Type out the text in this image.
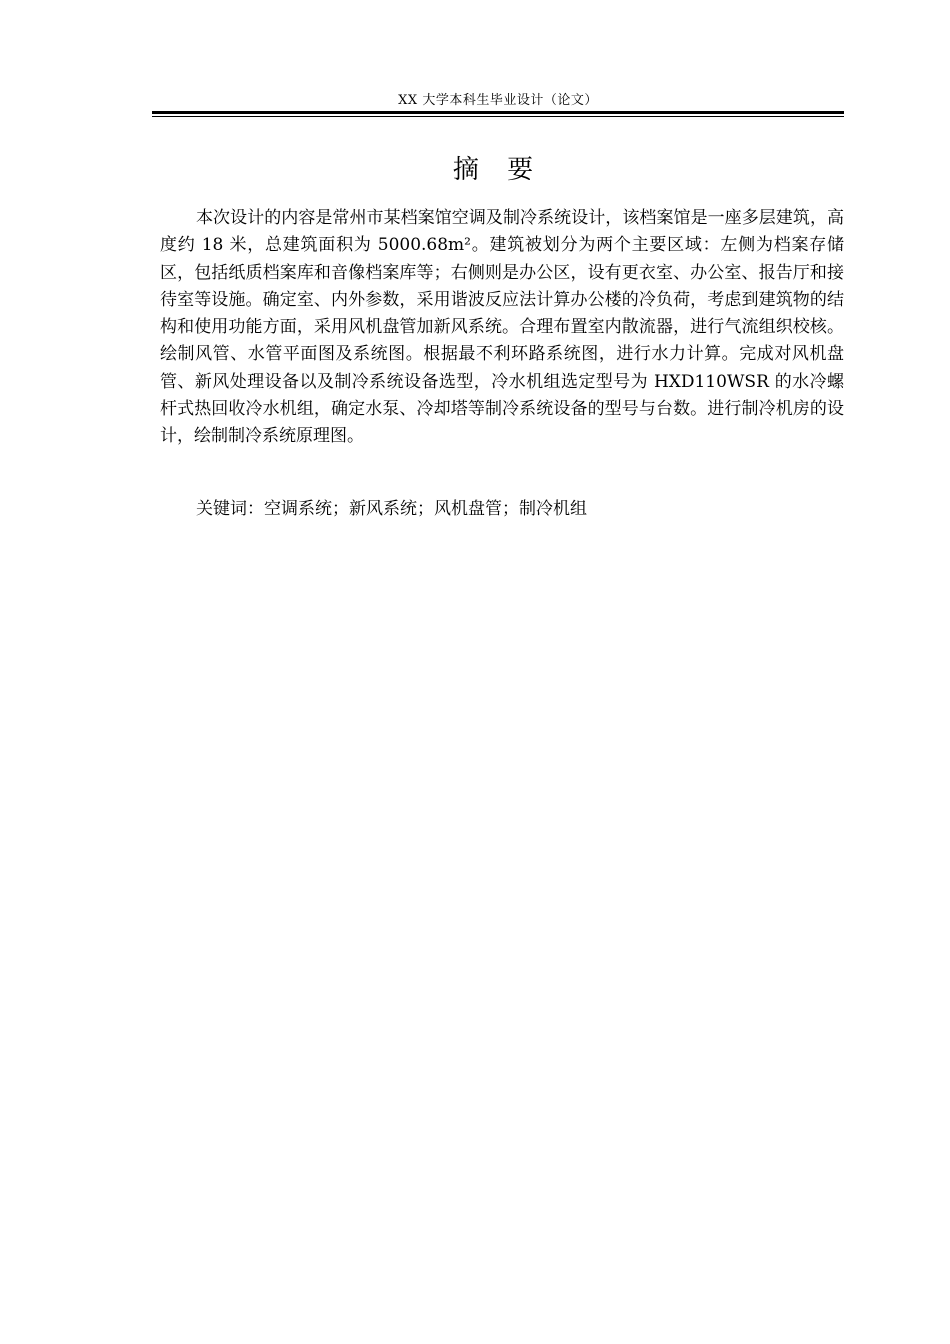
XX 大学本科生毕业设计（论文）
摘 要

本次设计的内容是常州市某档案馆空调及制冷系统设计，该档案馆是一座多层建筑，高度约 18 米，总建筑面积为 5000.68m²。建筑被划分为两个主要区域：左侧为档案存储区，包括纸质档案库和音像档案库等；右侧则是办公区，设有更衣室、办公室、报告厅和接待室等设施。确定室、内外参数，采用谐波反应法计算办公楼的冷负荷，考虑到建筑物的结构和使用功能方面，采用风机盘管加新风系统。合理布置室内散流器，进行气流组织校核。绘制风管、水管平面图及系统图。根据最不利环路系统图，进行水力计算。完成对风机盘管、新风处理设备以及制冷系统设备选型，冷水机组选定型号为 HXD110WSR 的水冷螺杆式热回收冷水机组，确定水泵、冷却塔等制冷系统设备的型号与台数。进行制冷机房的设计，绘制制冷系统原理图。

关键词：空调系统；新风系统；风机盘管；制冷机组
